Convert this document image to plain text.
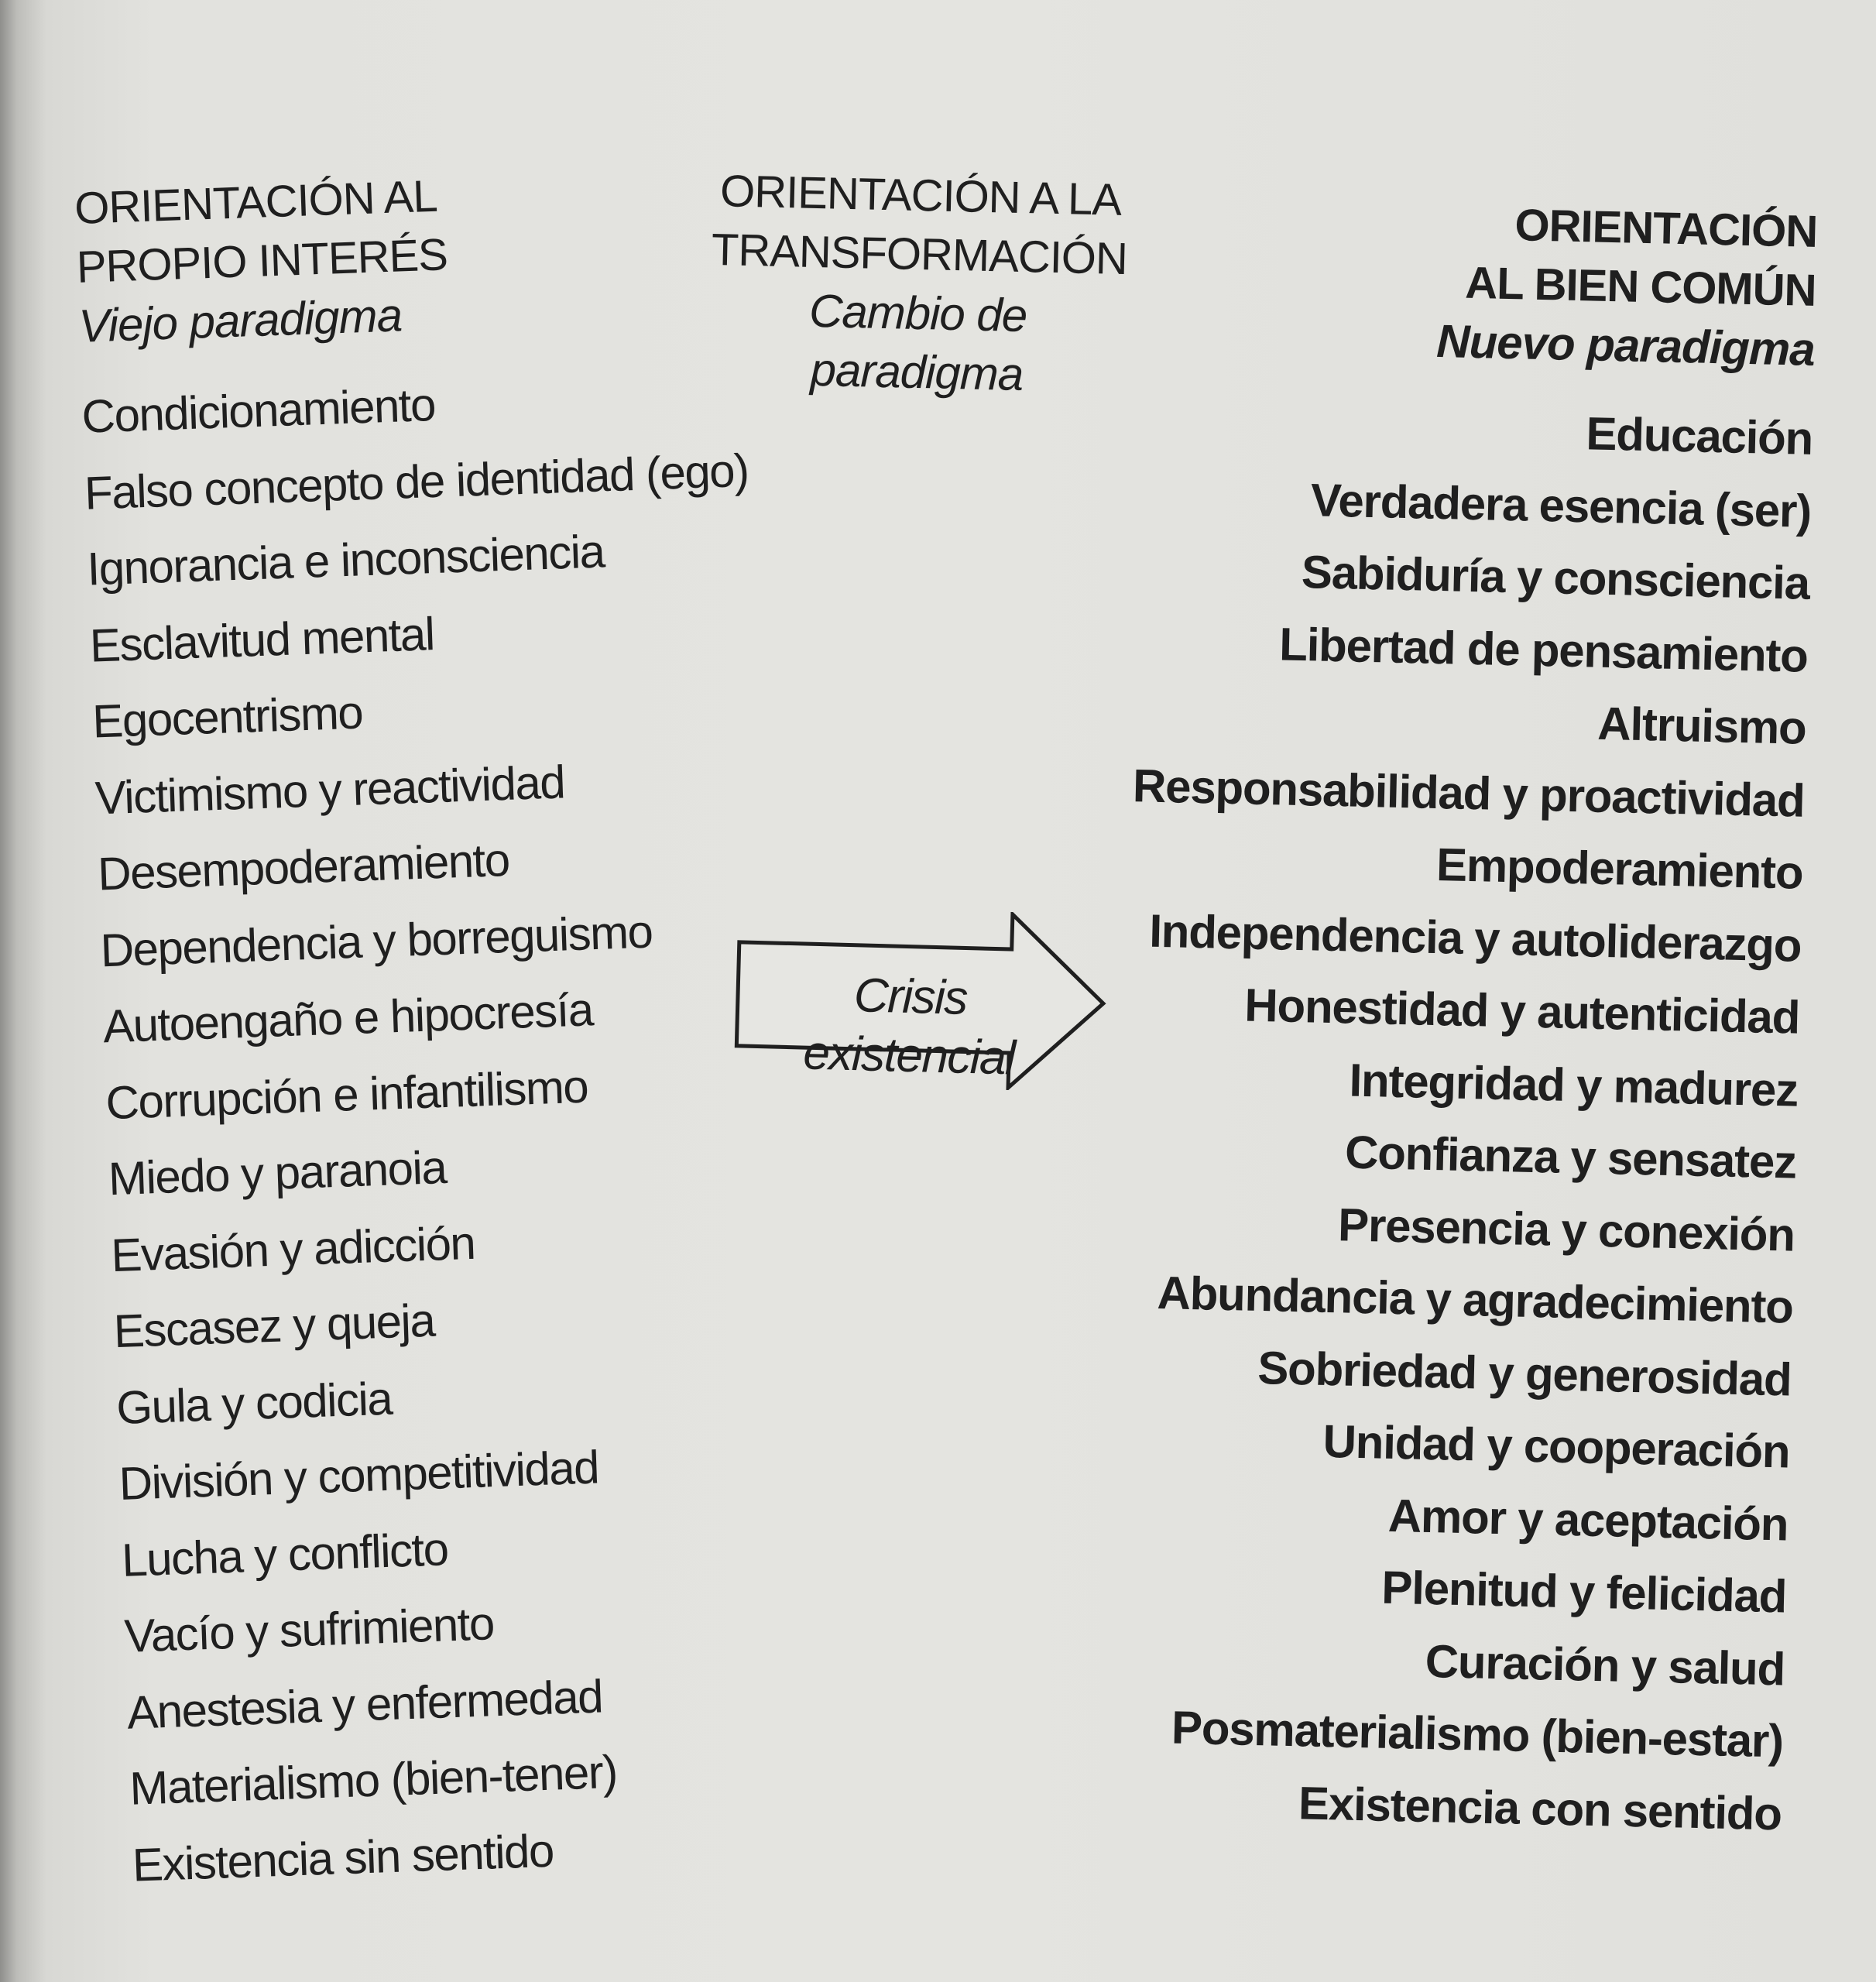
ORIENTACIÓN AL
PROPIO INTERÉS
Viejo paradigma
Condicionamiento
Falso concepto de identidad (ego)
Ignorancia e inconsciencia
Esclavitud mental
Egocentrismo
Victimismo y reactividad
Desempoderamiento
Dependencia y borreguismo
Autoengaño e hipocresía
Corrupción e infantilismo
Miedo y paranoia
Evasión y adicción
Escasez y queja
Gula y codicia
División y competitividad
Lucha y conflicto
Vacío y sufrimiento
Anestesia y enfermedad
Materialismo (bien-tener)
Existencia sin sentido
ORIENTACIÓN A LA
TRANSFORMACIÓN
Cambio de paradigma
Crisis existencial
ORIENTACIÓN
AL BIEN COMÚN
Nuevo paradigma
Educación
Verdadera esencia (ser)
Sabiduría y consciencia
Libertad de pensamiento
Altruismo
Responsabilidad y proactividad
Empoderamiento
Independencia y autoliderazgo
Honestidad y autenticidad
Integridad y madurez
Confianza y sensatez
Presencia y conexión
Abundancia y agradecimiento
Sobriedad y generosidad
Unidad y cooperación
Amor y aceptación
Plenitud y felicidad
Curación y salud
Posmaterialismo (bien-estar)
Existencia con sentido
